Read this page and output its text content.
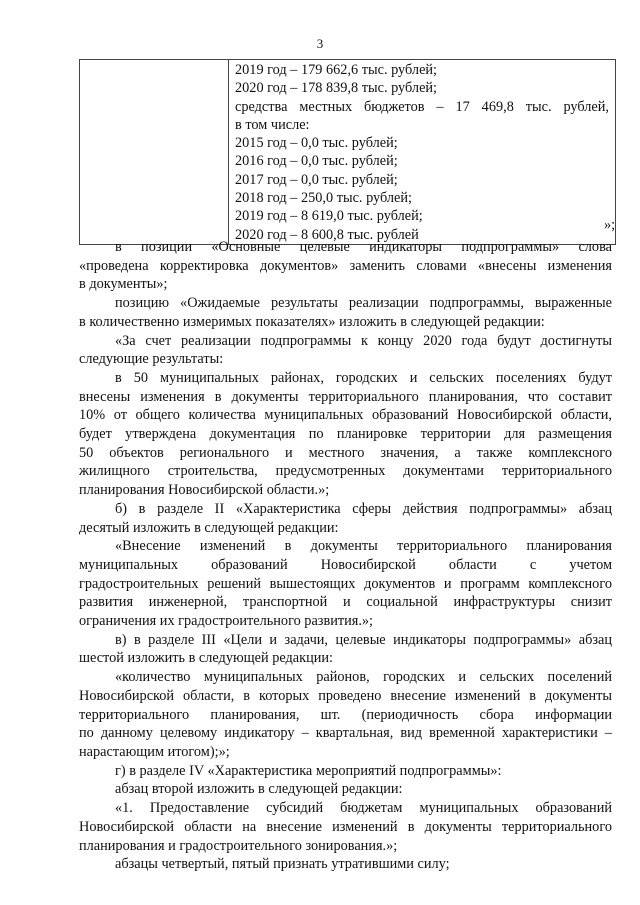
3

2019 год – 179 662,6 тыс. рублей;
2020 год – 178 839,8 тыс. рублей;
средства местных бюджетов – 17 469,8 тыс. рублей,
в том числе:
2015 год – 0,0 тыс. рублей;
2016 год – 0,0 тыс. рублей;
2017 год – 0,0 тыс. рублей;
2018 год – 250,0 тыс. рублей;
2019 год – 8 619,0 тыс. рублей;
2020 год – 8 600,8 тыс. рублей
»;
в позиции «Основные целевые индикаторы подпрограммы» слова
«проведена корректировка документов» заменить словами «внесены изменения
в документы»;
позицию «Ожидаемые результаты реализации подпрограммы, выраженные
в количественно измеримых показателях» изложить в следующей редакции:
«За счет реализации подпрограммы к концу 2020 года будут достигнуты
следующие результаты:
в 50 муниципальных районах, городских и сельских поселениях будут
внесены изменения в документы территориального планирования, что составит
10% от общего количества муниципальных образований Новосибирской области,
будет утверждена документация по планировке территории для размещения
50 объектов регионального и местного значения, а также комплексного
жилищного строительства, предусмотренных документами территориального
планирования Новосибирской области.»;
б) в разделе II «Характеристика сферы действия подпрограммы» абзац
десятый изложить в следующей редакции:
«Внесение изменений в документы территориального планирования
муниципальных образований Новосибирской области с учетом
градостроительных решений вышестоящих документов и программ комплексного
развития инженерной, транспортной и социальной инфраструктуры снизит
ограничения их градостроительного развития.»;
в) в разделе III «Цели и задачи, целевые индикаторы подпрограммы» абзац
шестой изложить в следующей редакции:
«количество муниципальных районов, городских и сельских поселений
Новосибирской области, в которых проведено внесение изменений в документы
территориального планирования, шт. (периодичность сбора информации
по данному целевому индикатору – квартальная, вид временной характеристики –
нарастающим итогом);»;
г) в разделе IV «Характеристика мероприятий подпрограммы»:
абзац второй изложить в следующей редакции:
«1. Предоставление субсидий бюджетам муниципальных образований
Новосибирской области на внесение изменений в документы территориального
планирования и градостроительного зонирования.»;
абзацы четвертый, пятый признать утратившими силу;
